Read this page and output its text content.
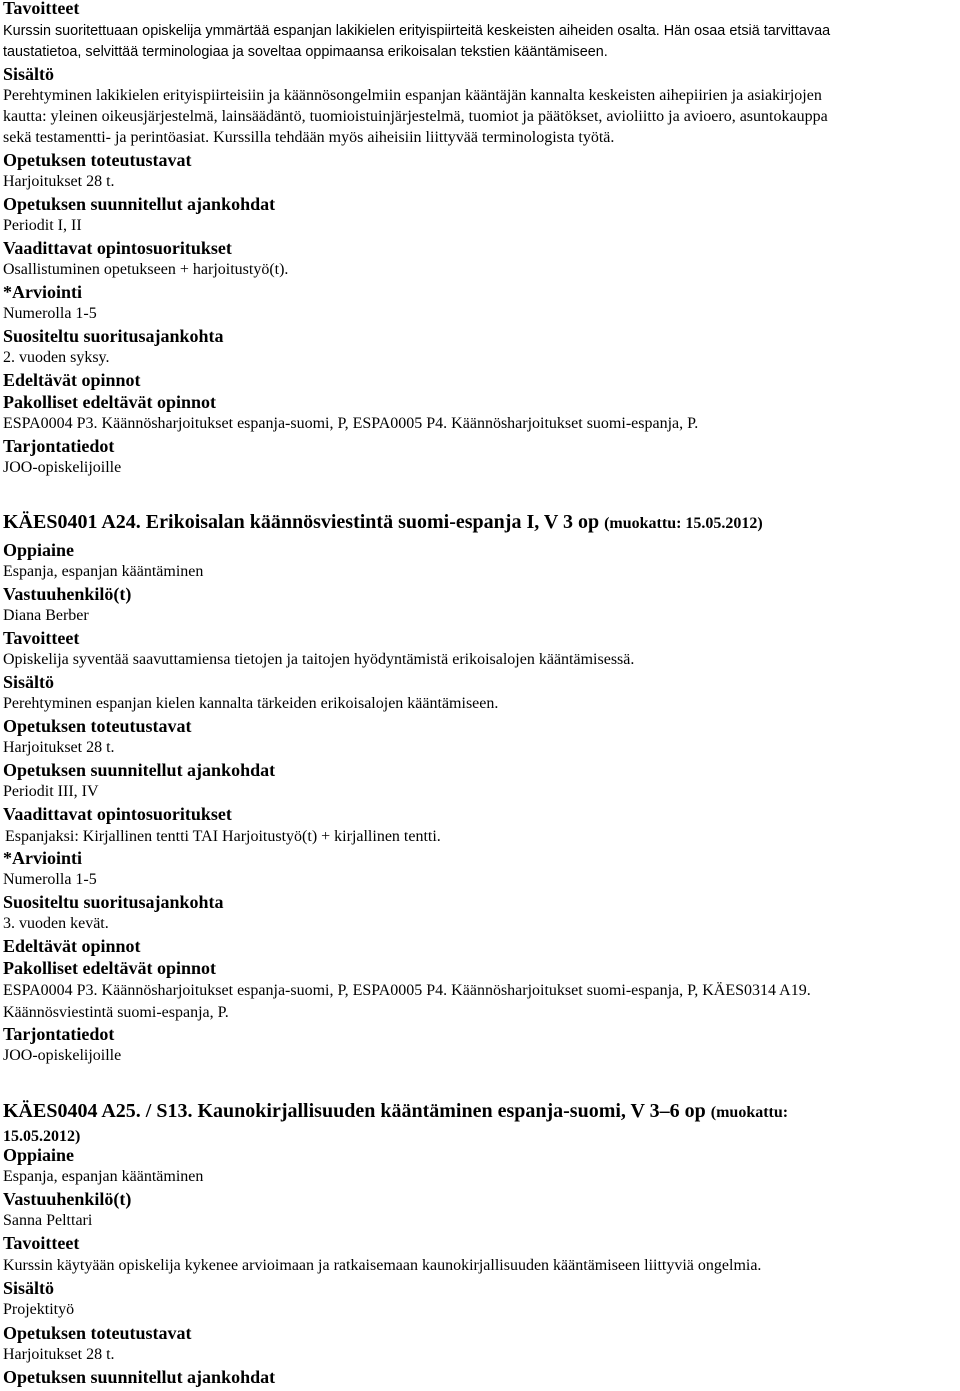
Tavoitteet
Kurssin suoritettuaan opiskelija ymmärtää espanjan lakikielen erityispiirteitä keskeisten aiheiden osalta. Hän osaa etsiä tarvittavaa
taustatietoa, selvittää terminologiaa ja soveltaa oppimaansa erikoisalan tekstien kääntämiseen.
Sisältö
Perehtyminen lakikielen erityispiirteisiin ja käännösongelmiin espanjan kääntäjän kannalta keskeisten aihepiirien ja asiakirjojen
kautta: yleinen oikeusjärjestelmä, lainsäädäntö, tuomioistuinjärjestelmä, tuomiot ja päätökset, avioliitto ja avioero, asuntokauppa
sekä testamentti- ja perintöasiat. Kurssilla tehdään myös aiheisiin liittyvää terminologista työtä.
Opetuksen toteutustavat
Harjoitukset 28 t.
Opetuksen suunnitellut ajankohdat
Periodit I, II
Vaadittavat opintosuoritukset
Osallistuminen opetukseen + harjoitustyö(t).
*Arviointi
Numerolla 1-5
Suositeltu suoritusajankohta
2. vuoden syksy.
Edeltävät opinnot
Pakolliset edeltävät opinnot
ESPA0004 P3. Käännösharjoitukset espanja-suomi, P, ESPA0005 P4. Käännösharjoitukset suomi-espanja, P.
Tarjontatiedot
JOO-opiskelijoille
KÄES0401 A24. Erikoisalan käännösviestintä suomi-espanja I, V 3 op (muokattu: 15.05.2012)
Oppiaine
Espanja, espanjan kääntäminen
Vastuuhenkilö(t)
Diana Berber
Tavoitteet
Opiskelija syventää saavuttamiensa tietojen ja taitojen hyödyntämistä erikoisalojen kääntämisessä.
Sisältö
Perehtyminen espanjan kielen kannalta tärkeiden erikoisalojen kääntämiseen.
Opetuksen toteutustavat
Harjoitukset 28 t.
Opetuksen suunnitellut ajankohdat
Periodit III, IV
Vaadittavat opintosuoritukset
Espanjaksi: Kirjallinen tentti TAI Harjoitustyö(t) + kirjallinen tentti.
*Arviointi
Numerolla 1-5
Suositeltu suoritusajankohta
3. vuoden kevät.
Edeltävät opinnot
Pakolliset edeltävät opinnot
ESPA0004 P3. Käännösharjoitukset espanja-suomi, P, ESPA0005 P4. Käännösharjoitukset suomi-espanja, P, KÄES0314 A19.
Käännösviestintä suomi-espanja, P.
Tarjontatiedot
JOO-opiskelijoille
KÄES0404 A25. / S13. Kaunokirjallisuuden kääntäminen espanja-suomi, V 3–6 op (muokattu:
15.05.2012)
Oppiaine
Espanja, espanjan kääntäminen
Vastuuhenkilö(t)
Sanna Pelttari
Tavoitteet
Kurssin käytyään opiskelija kykenee arvioimaan ja ratkaisemaan kaunokirjallisuuden kääntämiseen liittyviä ongelmia.
Sisältö
Projektityö
Opetuksen toteutustavat
Harjoitukset 28 t.
Opetuksen suunnitellut ajankohdat
